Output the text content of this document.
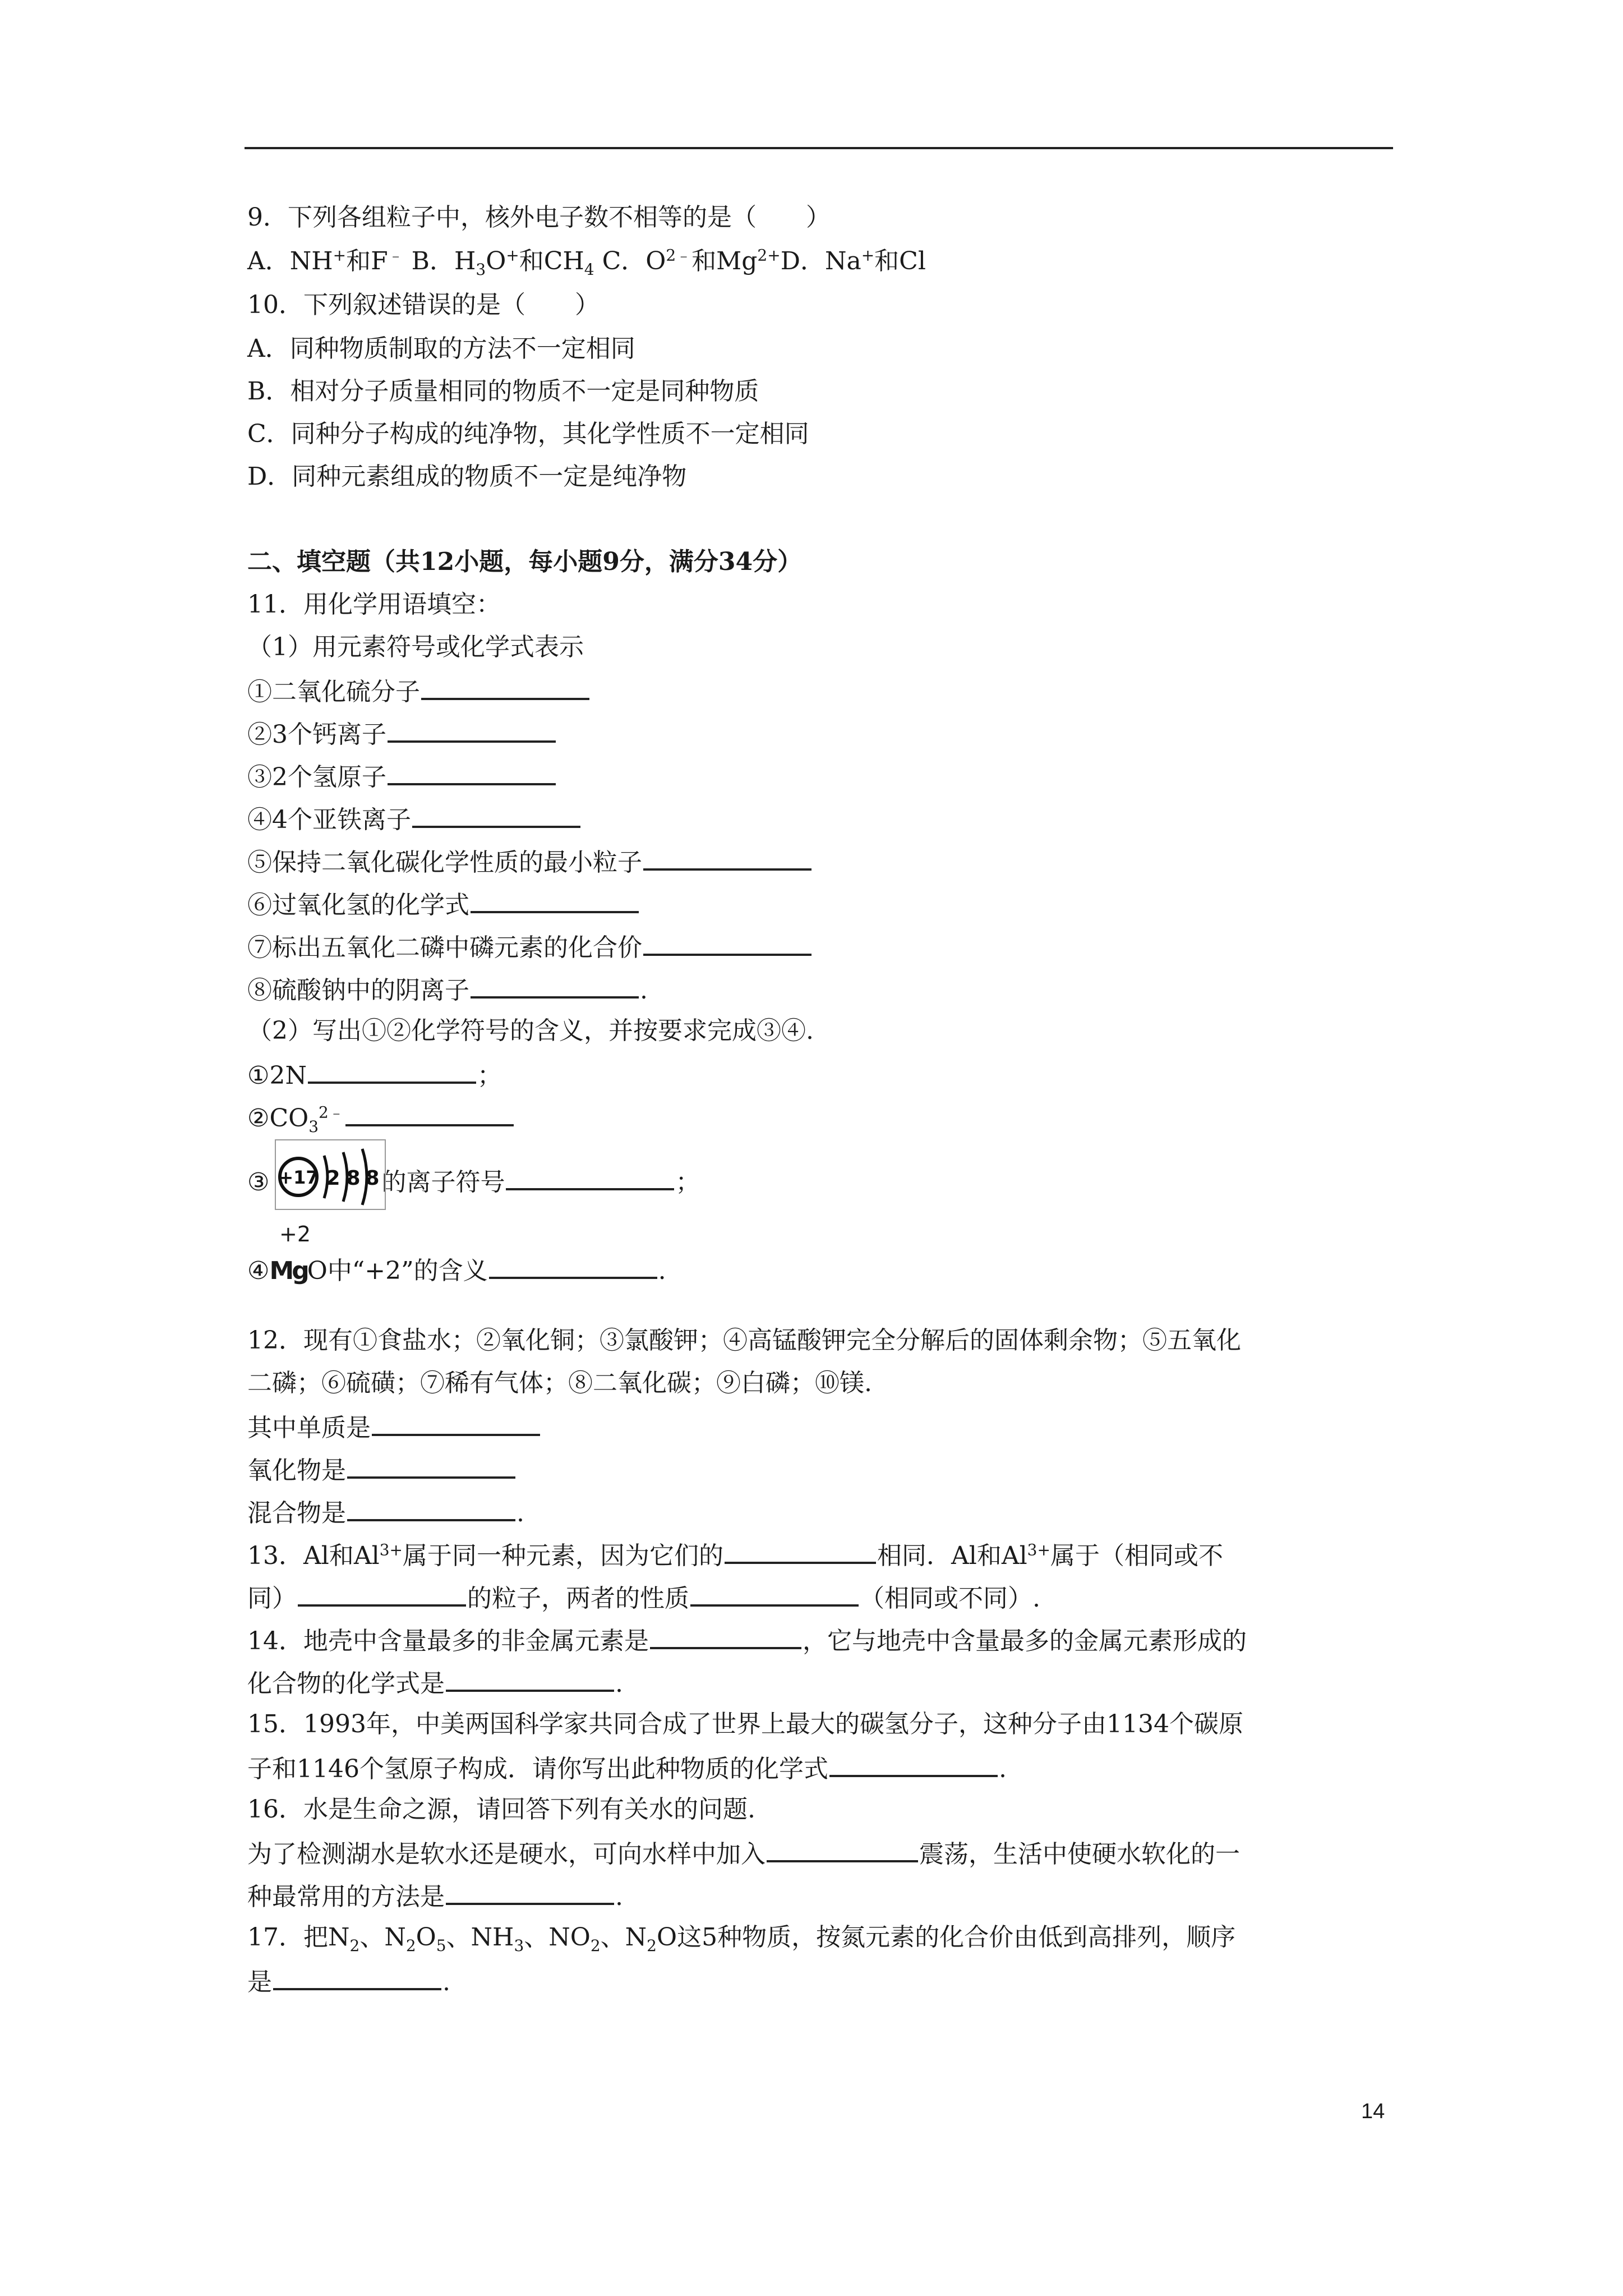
9．下列各组粒子中，核外电子数不相等的是（　　）
A．NH+和F﹣ B．$H_3O^+$和$CH_4$ C．$O^{2﹣}$和$Mg^{2+}D$．Na+和Cl
10．下列叙述错误的是（　　）
A．同种物质制取的方法不一定相同
B．相对分子质量相同的物质不一定是同种物质
C．同种分子构成的纯净物，其化学性质不一定相同
D．同种元素组成的物质不一定是纯净物
二、填空题（共12小题，每小题9分，满分34分）
11．用化学用语填空：
（1）用元素符号或化学式表示
①二氧化硫分子
②3个钙离子
③2个氢原子
④4个亚铁离子
⑤保持二氧化碳化学性质的最小粒子
⑥过氧化氢的化学式
⑦标出五氧化二磷中磷元素的化合价
⑧硫酸钠中的阴离子	.
（2）写出①②化学符号的含义，并按要求完成③④.
①2N	；
$②CO_3^{2﹣}$
③	的离子符号	；
+17 2 8 8
+2
④MgO中“+2”的含义	.
12．现有①食盐水；②氧化铜；③氯酸钾；④高锰酸钾完全分解后的固体剩余物；⑤五氧化
二磷；⑥硫磺；⑦稀有气体；⑧二氧化碳；⑨白磷；⑩镁.
其中单质是
氧化物是
混合物是	.
13．Al和$Al^{3+}$属于同一种元素，因为它们的	相同．Al和$Al^{3+}$属于（相同或不
同）	的粒子，两者的性质	（相同或不同）.
14．地壳中含量最多的非金属元素是	，它与地壳中含量最多的金属元素形成的
化合物的化学式是	.
15．1993年，中美两国科学家共同合成了世界上最大的碳氢分子，这种分子由1134个碳原
子和1146个氢原子构成．请你写出此种物质的化学式	.
16．水是生命之源，请回答下列有关水的问题.
为了检测湖水是软水还是硬水，可向水样中加入	震荡，生活中使硬水软化的一
种最常用的方法是	.
17．把$N_2$、$N_2O_5$、$NH_3$、$NO_2$、$N_2O$这5种物质，按氮元素的化合价由低到高排列，顺序
是	.
14
